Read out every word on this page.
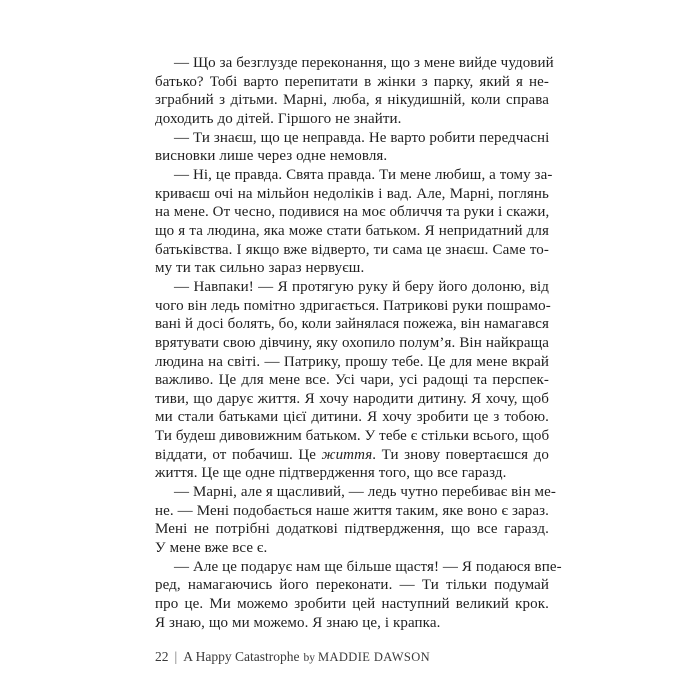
— Що за безглузде переконання, що з мене вийде чудовий
батько? Тобі варто перепитати в жінки з парку, який я не-
зграбний з дітьми. Марні, люба, я нікудишній, коли справа
доходить до дітей. Гіршого не знайти.
— Ти знаєш, що це неправда. Не варто робити передчасні
висновки лише через одне немовля.
— Ні, це правда. Свята правда. Ти мене любиш, а тому за-
криваєш очі на мільйон недоліків і вад. Але, Марні, поглянь
на мене. От чесно, подивися на моє обличчя та руки і скажи,
що я та людина, яка може стати батьком. Я непридатний для
батьківства. І якщо вже відверто, ти сама це знаєш. Саме то-
му ти так сильно зараз нервуєш.
— Навпаки! — Я протягую руку й беру його долоню, від
чого він ледь помітно здригається. Патрикові руки пошрамо-
вані й досі болять, бо, коли зайнялася пожежа, він намагався
врятувати свою дівчину, яку охопило полум’я. Він найкраща
людина на світі. — Патрику, прошу тебе. Це для мене вкрай
важливо. Це для мене все. Усі чари, усі радощі та перспек-
тиви, що дарує життя. Я хочу народити дитину. Я хочу, щоб
ми стали батьками цієї дитини. Я хочу зробити це з тобою.
Ти будеш дивовижним батьком. У тебе є стільки всього, щоб
віддати, от побачиш. Це життя. Ти знову повертаєшся до
життя. Це ще одне підтвердження того, що все гаразд.
— Марні, але я щасливий, — ледь чутно перебиває він ме-
не. — Мені подобається наше життя таким, яке воно є зараз.
Мені не потрібні додаткові підтвердження, що все гаразд.
У мене вже все є.
— Але це подарує нам ще більше щастя! — Я подаюся впе-
ред, намагаючись його переконати. — Ти тільки подумай
про це. Ми можемо зробити цей наступний великий крок.
Я знаю, що ми можемо. Я знаю це, і крапка.
22 | A Happy Catastrophe by MADDIE DAWSON
